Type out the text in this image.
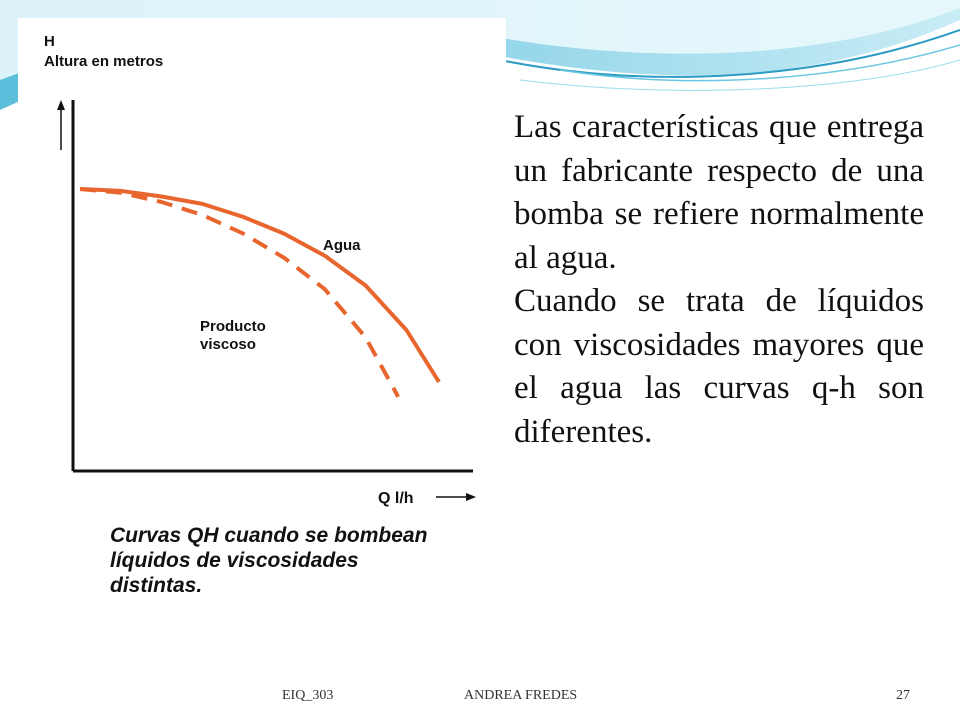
Agua
Producto
viscoso
Q l/h
H
Altura en metros
Curvas QH cuando se bombean líquidos de viscosidades distintas.

Las características que entrega un fabricante respecto de una bomba se refiere normalmente al agua.

Cuando se trata de líquidos con viscosidades mayores que el agua las curvas q-h son diferentes.

EIQ_303	ANDREA FREDES	27
